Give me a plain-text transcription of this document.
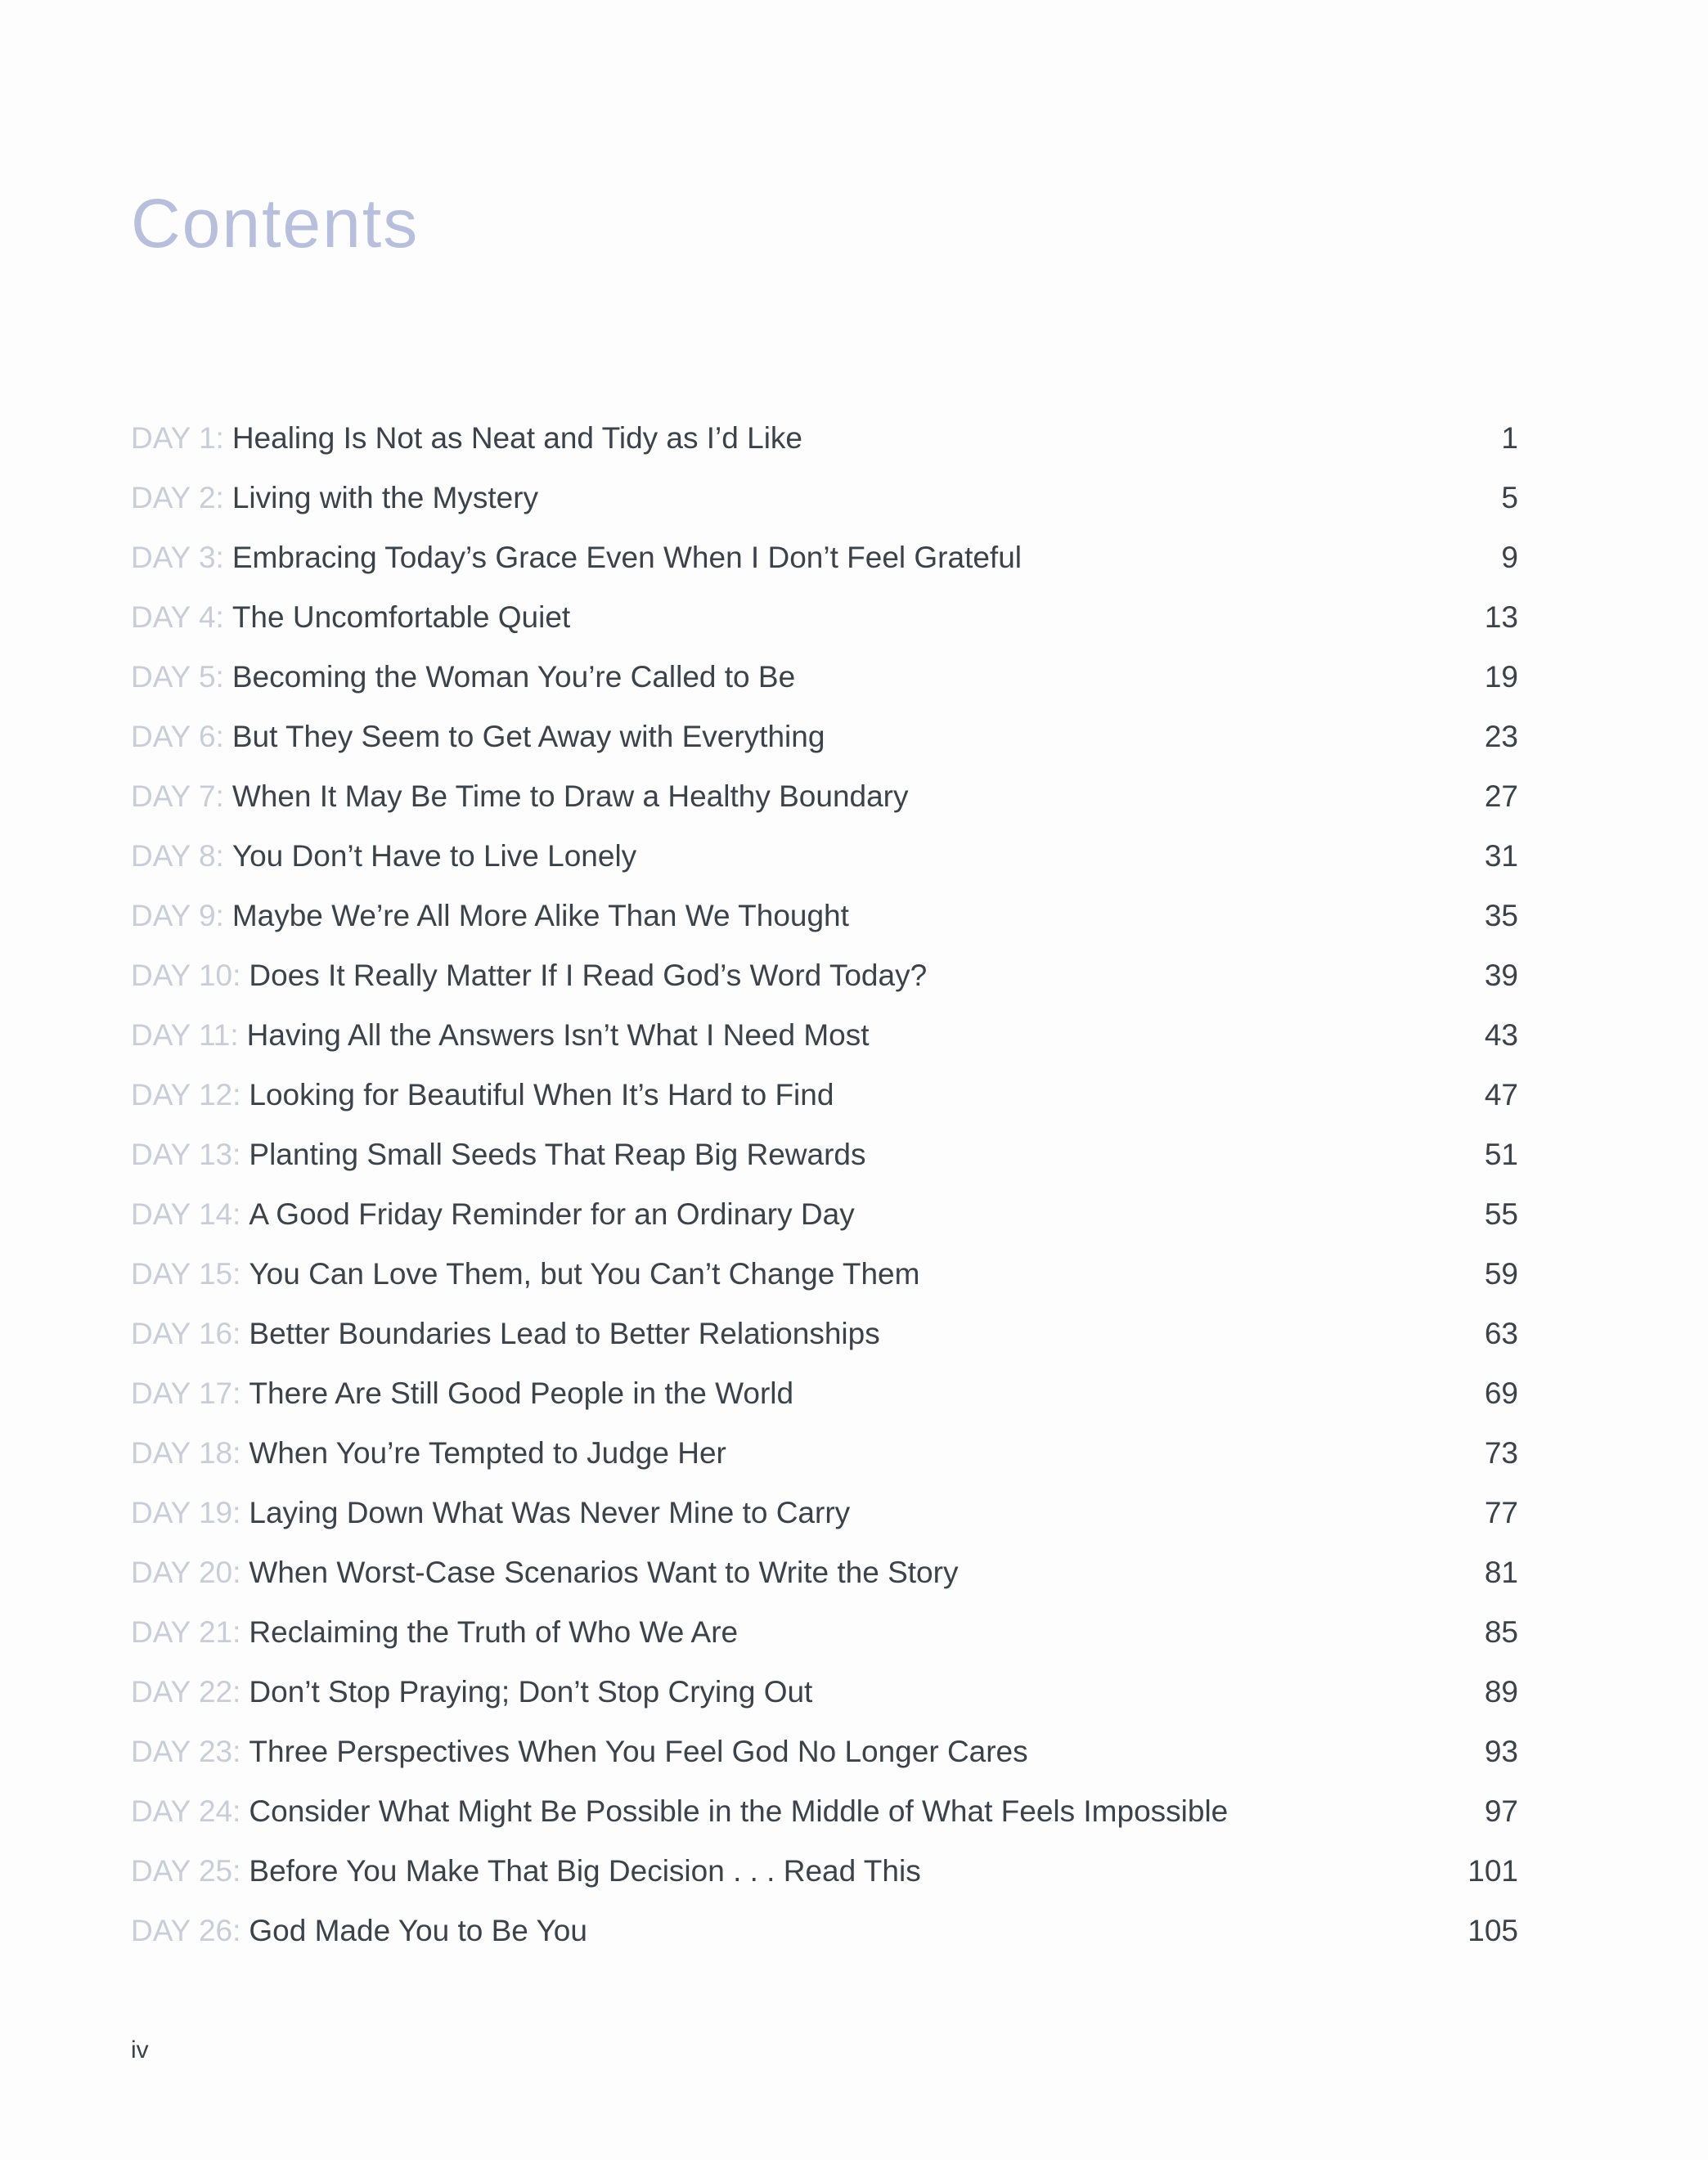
Contents
DAY 1: Healing Is Not as Neat and Tidy as I’d Like	1
DAY 2: Living with the Mystery	5
DAY 3: Embracing Today’s Grace Even When I Don’t Feel Grateful	9
DAY 4: The Uncomfortable Quiet	13
DAY 5: Becoming the Woman You’re Called to Be	19
DAY 6: But They Seem to Get Away with Everything	23
DAY 7: When It May Be Time to Draw a Healthy Boundary	27
DAY 8: You Don’t Have to Live Lonely	31
DAY 9: Maybe We’re All More Alike Than We Thought	35
DAY 10: Does It Really Matter If I Read God’s Word Today?	39
DAY 11: Having All the Answers Isn’t What I Need Most	43
DAY 12: Looking for Beautiful When It’s Hard to Find	47
DAY 13: Planting Small Seeds That Reap Big Rewards	51
DAY 14: A Good Friday Reminder for an Ordinary Day	55
DAY 15: You Can Love Them, but You Can’t Change Them	59
DAY 16: Better Boundaries Lead to Better Relationships	63
DAY 17: There Are Still Good People in the World	69
DAY 18: When You’re Tempted to Judge Her	73
DAY 19: Laying Down What Was Never Mine to Carry	77
DAY 20: When Worst-Case Scenarios Want to Write the Story	81
DAY 21: Reclaiming the Truth of Who We Are	85
DAY 22: Don’t Stop Praying; Don’t Stop Crying Out	89
DAY 23: Three Perspectives When You Feel God No Longer Cares	93
DAY 24: Consider What Might Be Possible in the Middle of What Feels Impossible	97
DAY 25: Before You Make That Big Decision . . . Read This	101
DAY 26: God Made You to Be You	105
iv
